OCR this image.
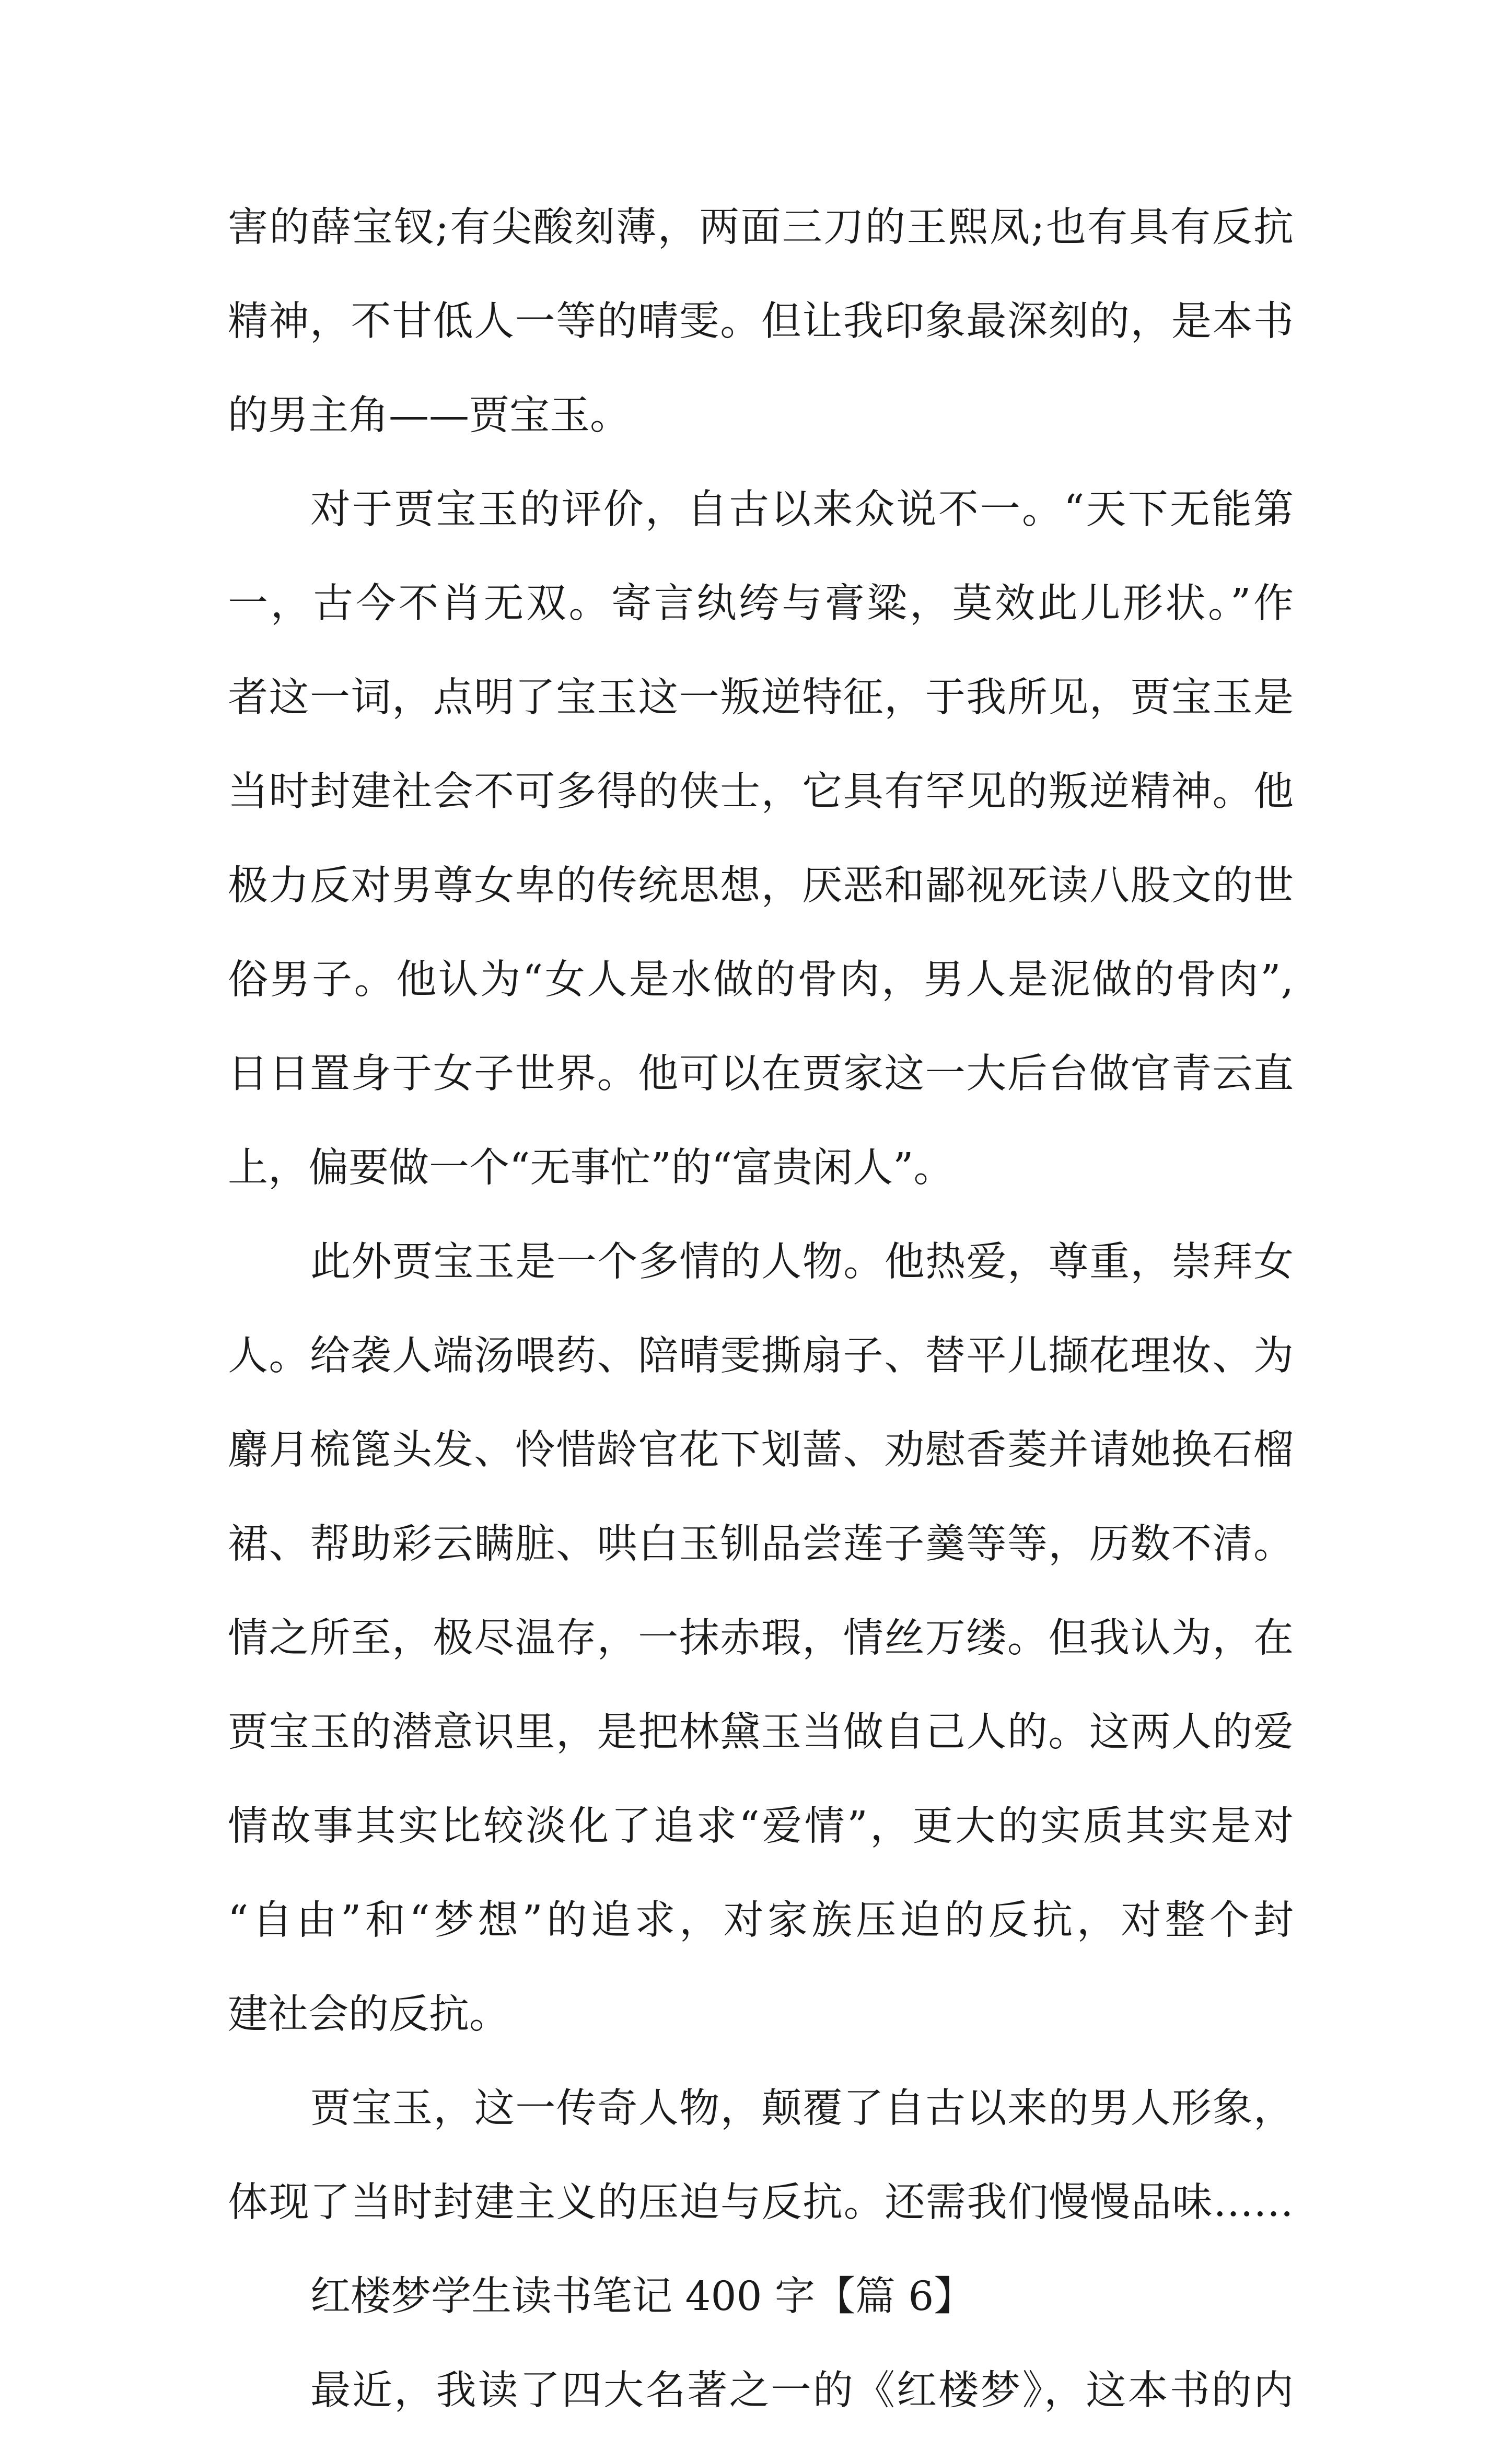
害的薛宝钗;有尖酸刻薄，两面三刀的王熙凤;也有具有反抗
精神，不甘低人一等的晴雯。但让我印象最深刻的，是本书
的男主角——贾宝玉。
对于贾宝玉的评价，自古以来众说不一。“天下无能第
一，古今不肖无双。寄言纨绔与膏粱，莫效此儿形状。”作
者这一词，点明了宝玉这一叛逆特征，于我所见，贾宝玉是
当时封建社会不可多得的侠士，它具有罕见的叛逆精神。他
极力反对男尊女卑的传统思想，厌恶和鄙视死读八股文的世
俗男子。他认为“女人是水做的骨肉，男人是泥做的骨肉”,
日日置身于女子世界。他可以在贾家这一大后台做官青云直
上，偏要做一个“无事忙”的“富贵闲人”。
此外贾宝玉是一个多情的人物。他热爱，尊重，崇拜女
人。给袭人端汤喂药、陪晴雯撕扇子、替平儿撷花理妆、为
麝月梳篦头发、怜惜龄官花下划蔷、劝慰香菱并请她换石榴
裙、帮助彩云瞒脏、哄白玉钏品尝莲子羹等等，历数不清。
情之所至，极尽温存，一抹赤瑕，情丝万缕。但我认为，在
贾宝玉的潜意识里，是把林黛玉当做自己人的。这两人的爱
情故事其实比较淡化了追求“爱情”，更大的实质其实是对
“自由”和“梦想”的追求，对家族压迫的反抗，对整个封
建社会的反抗。
贾宝玉，这一传奇人物，颠覆了自古以来的男人形象，
体现了当时封建主义的压迫与反抗。还需我们慢慢品味……
红楼梦学生读书笔记 400 字【篇 6】
最近，我读了四大名著之一的《红楼梦》，这本书的内
